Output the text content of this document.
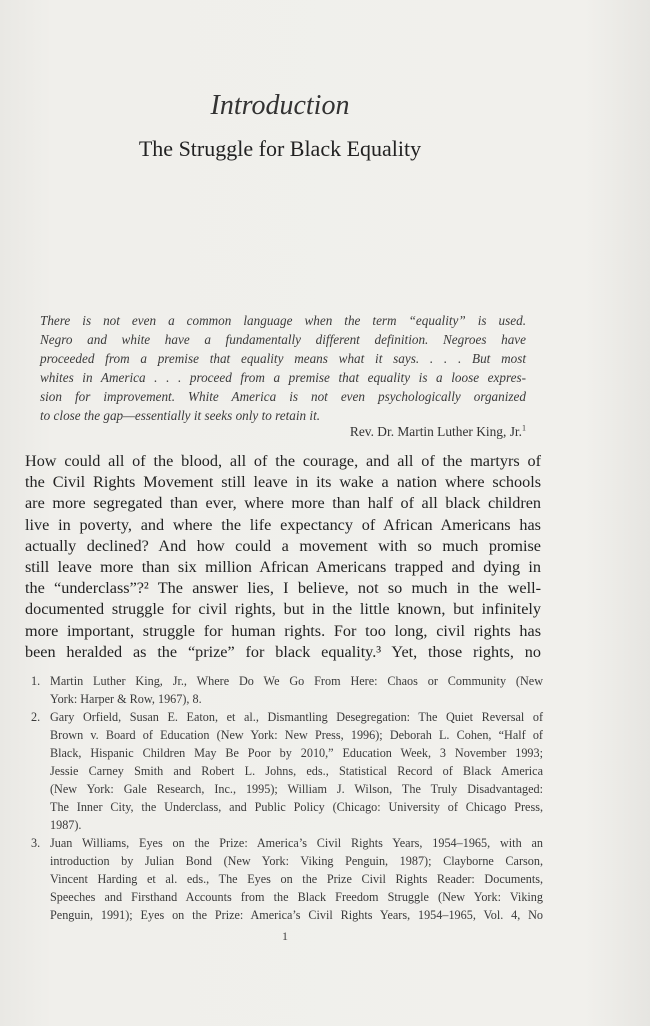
Introduction
The Struggle for Black Equality
There is not even a common language when the term “equality” is used.
Negro and white have a fundamentally different definition. Negroes have
proceeded from a premise that equality means what it says. . . . But most
whites in America . . . proceed from a premise that equality is a loose expres-
sion for improvement. White America is not even psychologically organized
to close the gap—essentially it seeks only to retain it.
Rev. Dr. Martin Luther King, Jr.$^1$
How could all of the blood, all of the courage, and all of the martyrs of
the Civil Rights Movement still leave in its wake a nation where schools
are more segregated than ever, where more than half of all black children
live in poverty, and where the life expectancy of African Americans has
actually declined? And how could a movement with so much promise
still leave more than six million African Americans trapped and dying in
the “underclass”?² The answer lies, I believe, not so much in the well-
documented struggle for civil rights, but in the little known, but infinitely
more important, struggle for human rights. For too long, civil rights has
been heralded as the “prize” for black equality.³ Yet, those rights, no
1. Martin Luther King, Jr., Where Do We Go From Here: Chaos or Community (New
York: Harper & Row, 1967), 8.
2. Gary Orfield, Susan E. Eaton, et al., Dismantling Desegregation: The Quiet Reversal of
Brown v. Board of Education (New York: New Press, 1996); Deborah L. Cohen, “Half of
Black, Hispanic Children May Be Poor by 2010,” Education Week, 3 November 1993;
Jessie Carney Smith and Robert L. Johns, eds., Statistical Record of Black America
(New York: Gale Research, Inc., 1995); William J. Wilson, The Truly Disadvantaged:
The Inner City, the Underclass, and Public Policy (Chicago: University of Chicago Press,
1987).
3. Juan Williams, Eyes on the Prize: America’s Civil Rights Years, 1954–1965, with an
introduction by Julian Bond (New York: Viking Penguin, 1987); Clayborne Carson,
Vincent Harding et al. eds., The Eyes on the Prize Civil Rights Reader: Documents,
Speeches and Firsthand Accounts from the Black Freedom Struggle (New York: Viking
Penguin, 1991); Eyes on the Prize: America’s Civil Rights Years, 1954–1965, Vol. 4, No
1
